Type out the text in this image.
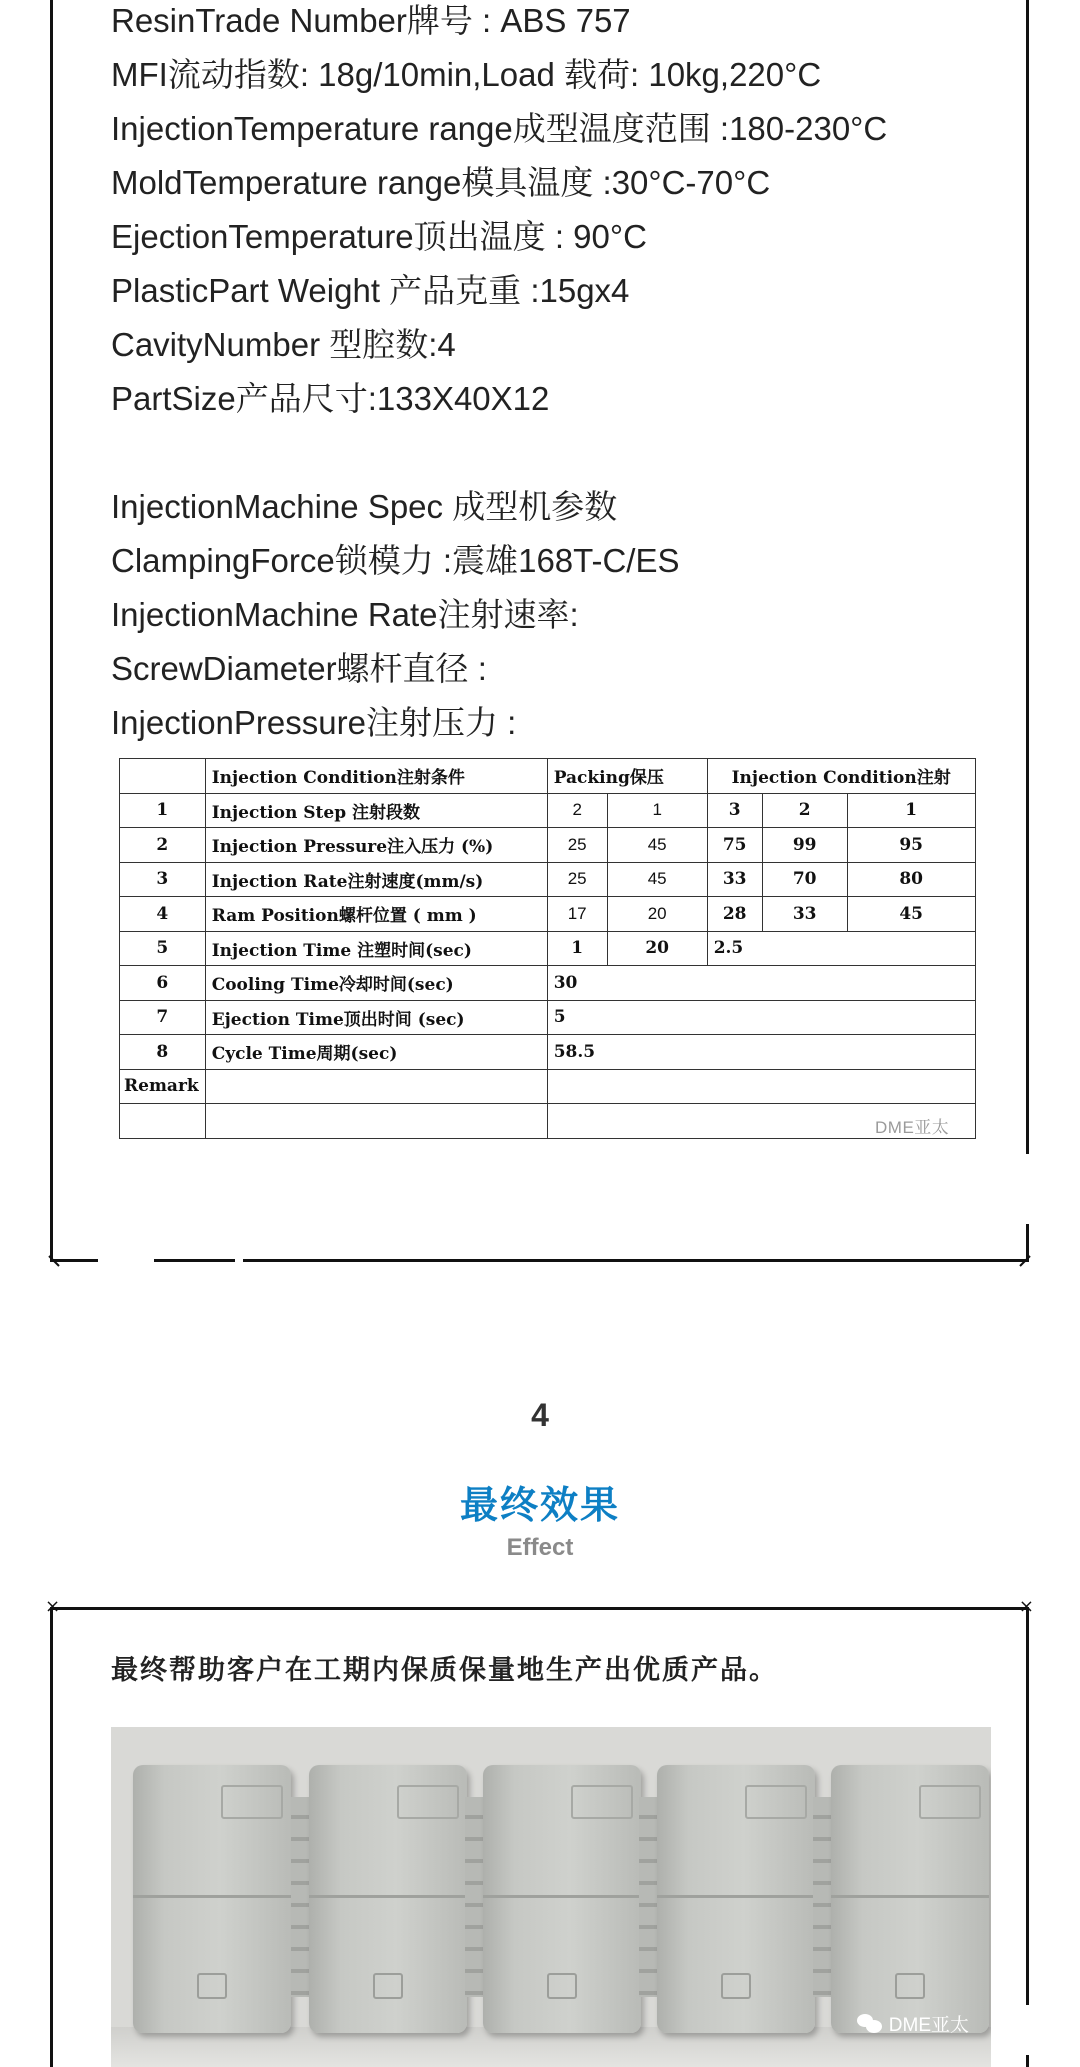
ResinTrade Number牌号 : ABS 757
MFI流动指数: 18g/10min,Load 载荷: 10kg,220°C
InjectionTemperature range成型温度范围 :180-230°C
MoldTemperature range模具温度 :30°C-70°C
EjectionTemperature顶出温度 : 90°C
PlasticPart Weight 产品克重 :15gx4
CavityNumber 型腔数:4
PartSize产品尺寸:133X40X12
InjectionMachine Spec 成型机参数
ClampingForce锁模力 :震雄168T-C/ES
InjectionMachine Rate注射速率:
ScrewDiameter螺杆直径 :
InjectionPressure注射压力 :
	Injection Condition注射条件	Packing保压		Injection Condition注射		
1	Injection Step 注射段数	2	1	3	2	1
2	Injection Pressure注入压力 (%)	25	45	75	99	95
3	Injection Rate注射速度(mm/s)	25	45	33	70	80
4	Ram Position螺杆位置 ( mm )	17	20	28	33	45
5	Injection Time 注塑时间(sec)	1	20	2.5		
6	Cooling Time冷却时间(sec)	30				
7	Ejection Time顶出时间 (sec)	5				
8	Cycle Time周期(sec)	58.5				
Remark						

DME亚太
4
最终效果
Effect
×	×
最终帮助客户在工期内保质保量地生产出优质产品。
DME亚太
